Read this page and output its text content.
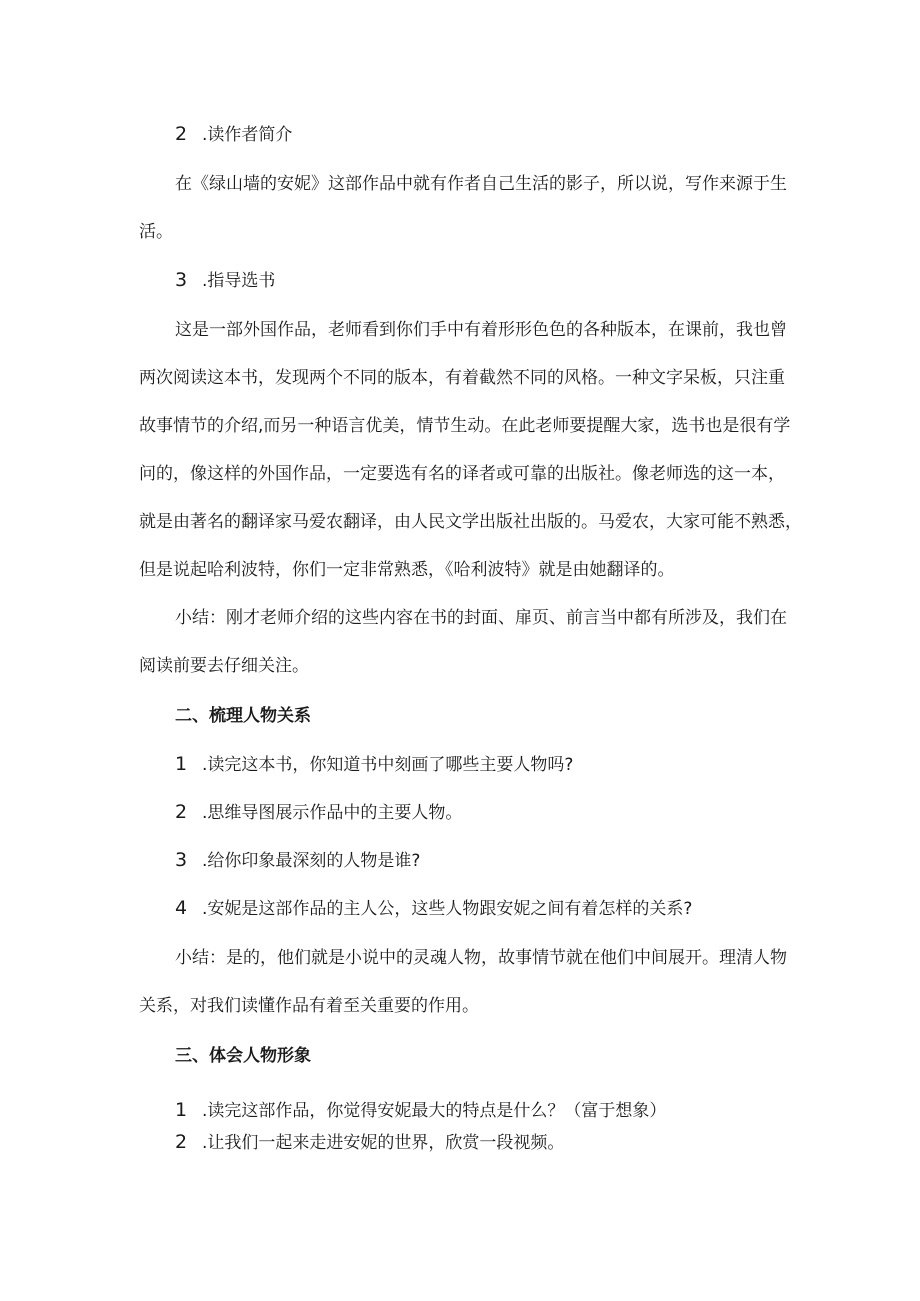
2 .读作者简介

在《绿山墙的安妮》这部作品中就有作者自己生活的影子，所以说，写作来源于生

活。

3 .指导选书

这是一部外国作品，老师看到你们手中有着形形色色的各种版本，在课前，我也曾

两次阅读这本书，发现两个不同的版本，有着截然不同的风格。一种文字呆板，只注重

故事情节的介绍,而另一种语言优美，情节生动。在此老师要提醒大家，选书也是很有学

问的，像这样的外国作品，一定要选有名的译者或可靠的出版社。像老师选的这一本，

就是由著名的翻译家马爱农翻译，由人民文学出版社出版的。马爱农，大家可能不熟悉，

但是说起哈利波特，你们一定非常熟悉，《哈利波特》就是由她翻译的。

小结：刚才老师介绍的这些内容在书的封面、扉页、前言当中都有所涉及，我们在

阅读前要去仔细关注。

二、梳理人物关系

1 .读完这本书，你知道书中刻画了哪些主要人物吗?

2 .思维导图展示作品中的主要人物。

3 .给你印象最深刻的人物是谁?

4 .安妮是这部作品的主人公，这些人物跟安妮之间有着怎样的关系?

小结：是的，他们就是小说中的灵魂人物，故事情节就在他们中间展开。理清人物

关系，对我们读懂作品有着至关重要的作用。

三、体会人物形象

1 .读完这部作品，你觉得安妮最大的特点是什么？（富于想象）

2 .让我们一起来走进安妮的世界，欣赏一段视频。
